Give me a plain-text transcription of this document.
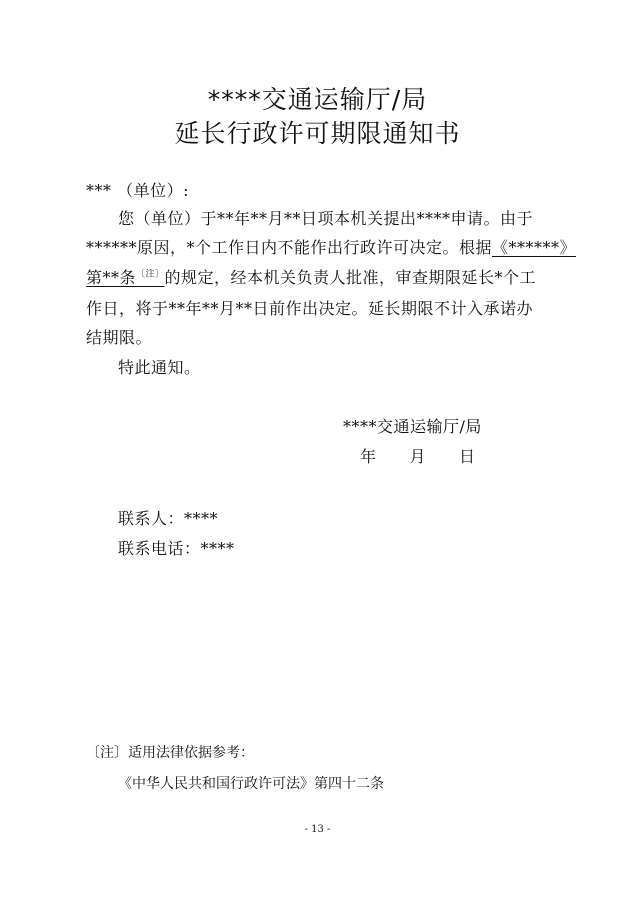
****交通运输厅/局
延长行政许可期限通知书
*** （单位）:
您（单位）于**年**月**日项本机关提出****申请。由于
******原因，*个工作日内不能作出行政许可决定。根据《******》
第**条$^{〔注〕}$的规定，经本机关负责人批准，审查期限延长*个工
作日，将于**年**月**日前作出决定。延长期限不计入承诺办
结期限。
特此通知。
****交通运输厅/局
年　　月　　日
联系人：****
联系电话：****
〔注〕适用法律依据参考：
《中华人民共和国行政许可法》第四十二条
- 13 -
